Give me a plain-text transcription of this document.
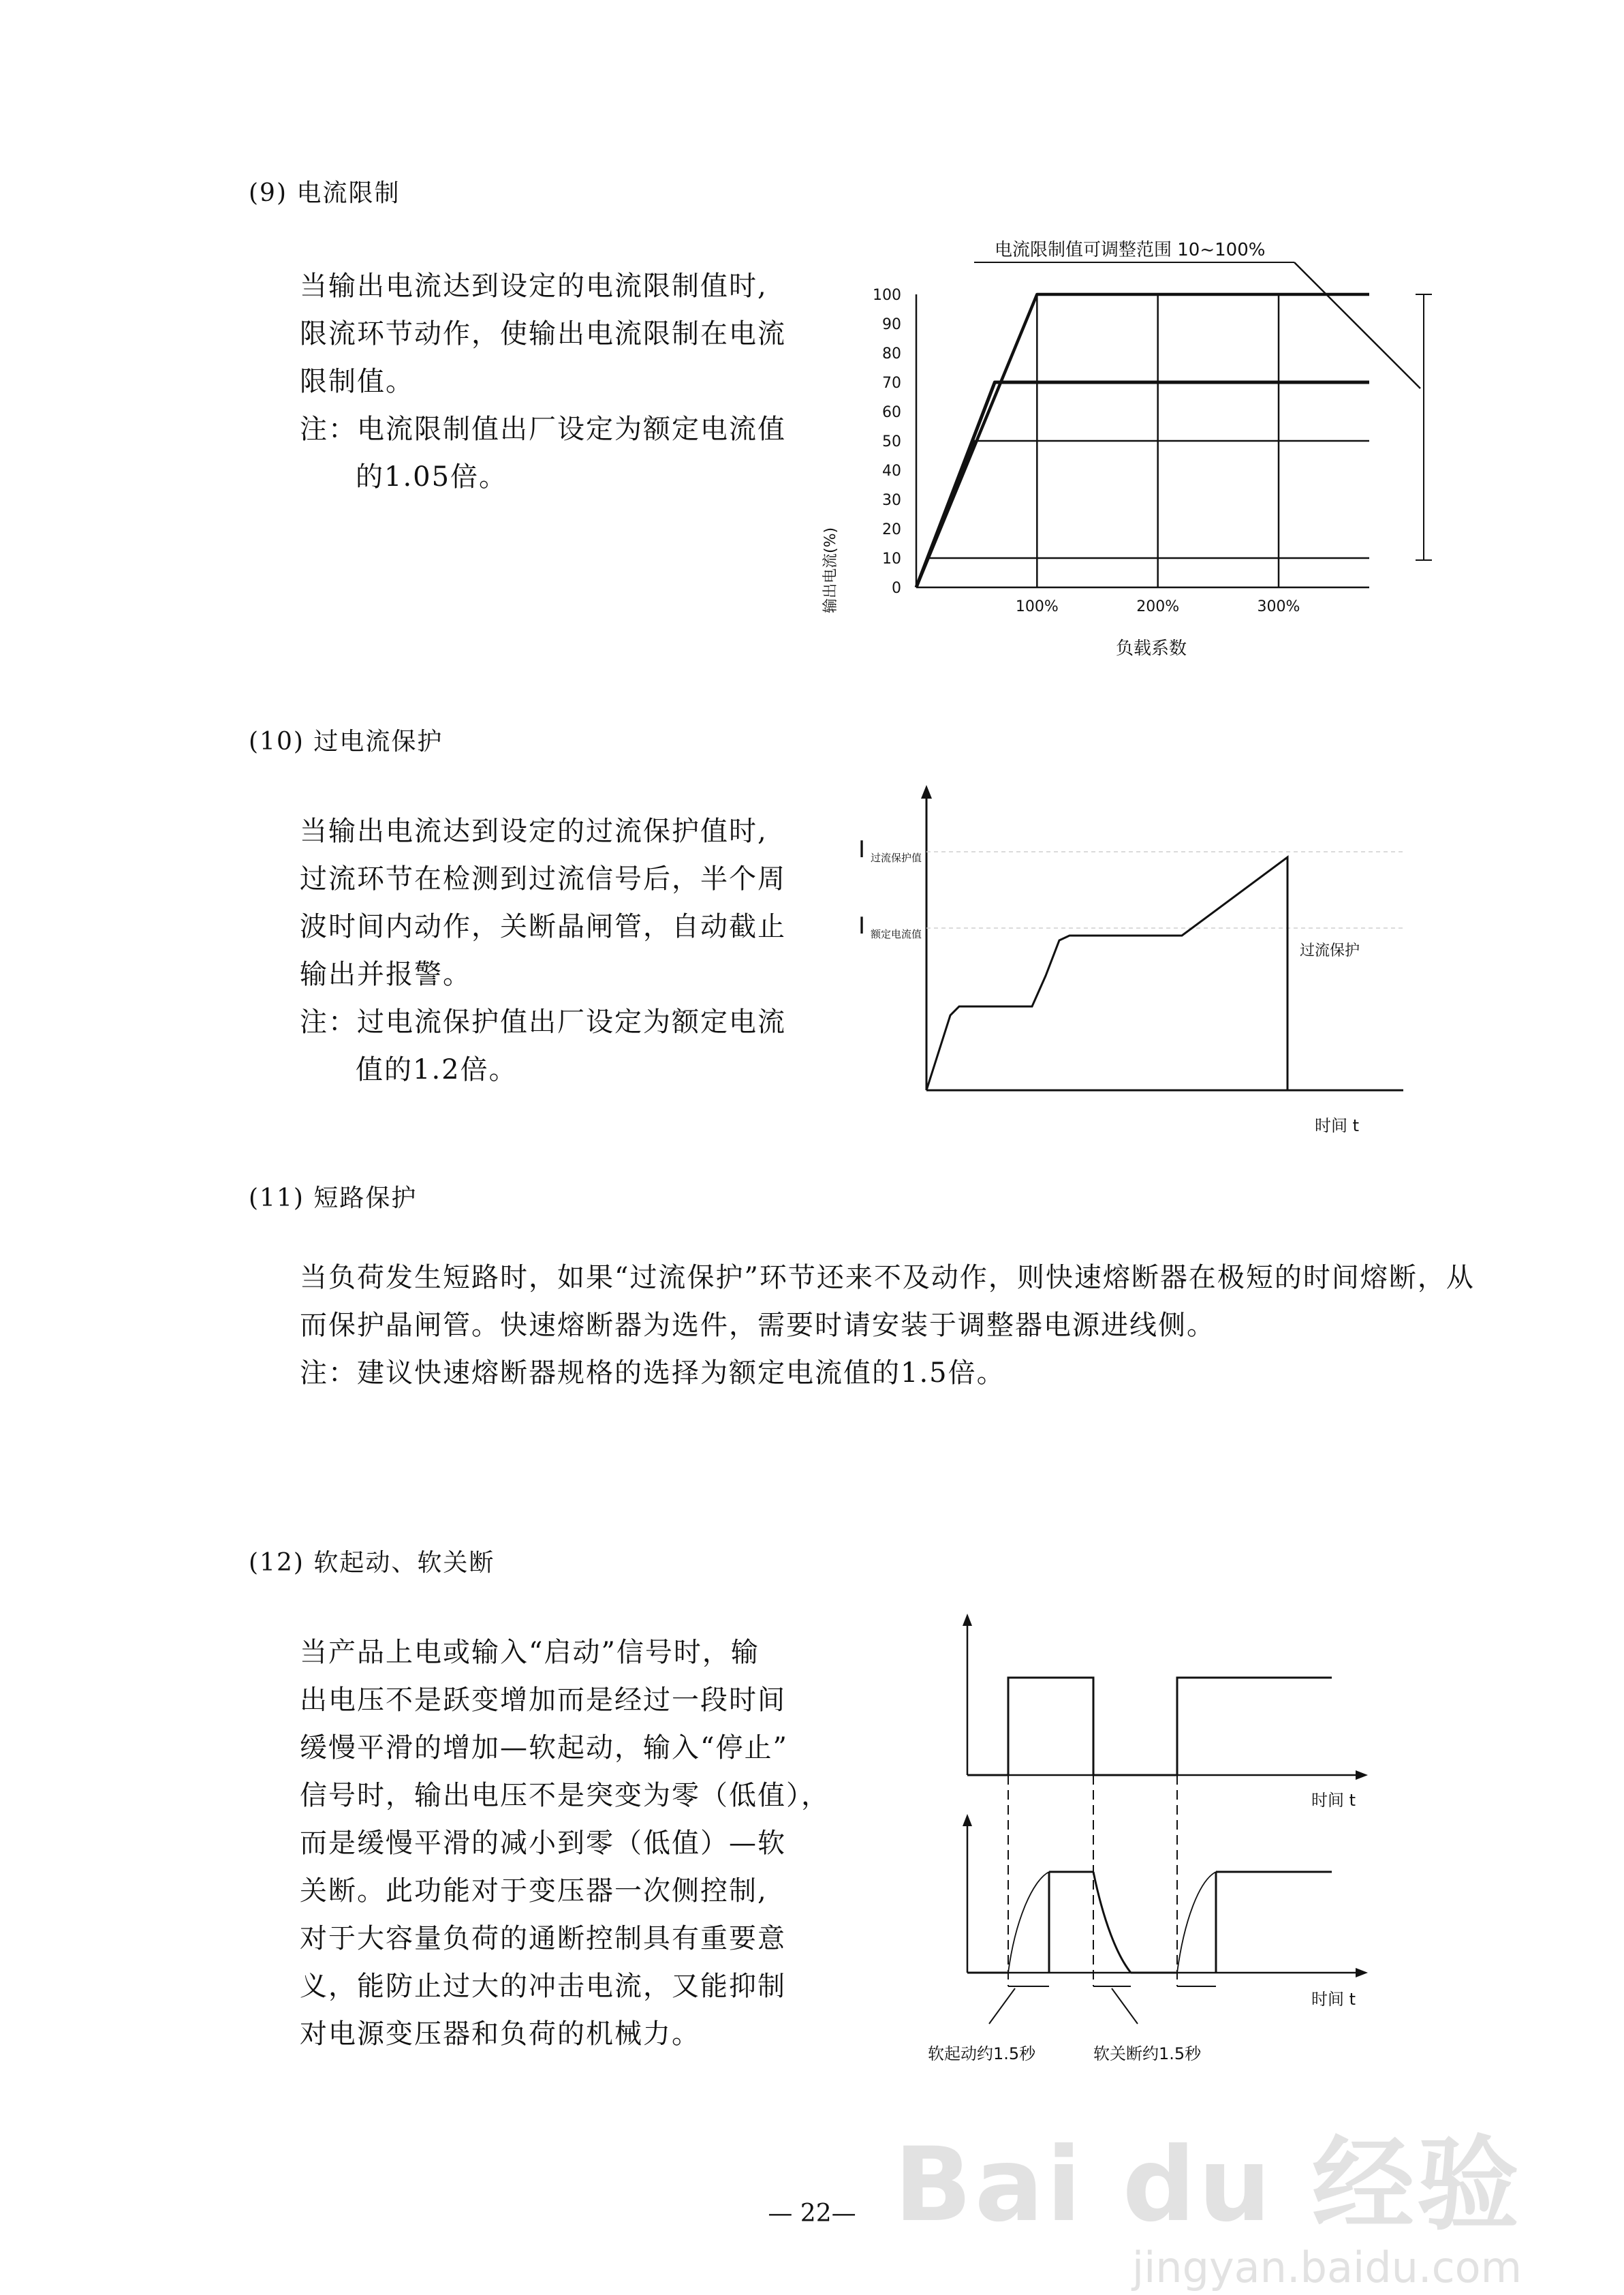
(9) 电流限制
当输出电流达到设定的电流限制值时,
限流环节动作，使输出电流限制在电流
限制值。
注：电流限制值出厂设定为额定电流值
的1.05倍。
电流限制值可调整范围 10~100%
输出电流(%)
负载系数
0
10
20
30
40
50
60
70
80
90
100
100%	200%	300%
(10) 过电流保护
当输出电流达到设定的过流保护值时,
过流环节在检测到过流信号后，半个周
波时间内动作，关断晶闸管，自动截止
输出并报警。
注：过电流保护值出厂设定为额定电流
值的1.2倍。
I 过流保护值
I 额定电流值
过流保护
时间 t
(11) 短路保护
当负荷发生短路时，如果“过流保护”环节还来不及动作，则快速熔断器在极短的时间熔断，从
而保护晶闸管。快速熔断器为选件，需要时请安装于调整器电源进线侧。
注：建议快速熔断器规格的选择为额定电流值的1.5倍。
(12) 软起动、软关断
当产品上电或输入“启动”信号时，输
出电压不是跃变增加而是经过一段时间
缓慢平滑的增加—软起动，输入“停止”
信号时，输出电压不是突变为零（低值），
而是缓慢平滑的减小到零（低值）—软
关断。此功能对于变压器一次侧控制,
对于大容量负荷的通断控制具有重要意
义，能防止过大的冲击电流，又能抑制
对电源变压器和负荷的机械力。
时间 t
时间 t
软起动约1.5秒	软关断约1.5秒
Bai du 经验
jingyan.baidu.com
— 22—
